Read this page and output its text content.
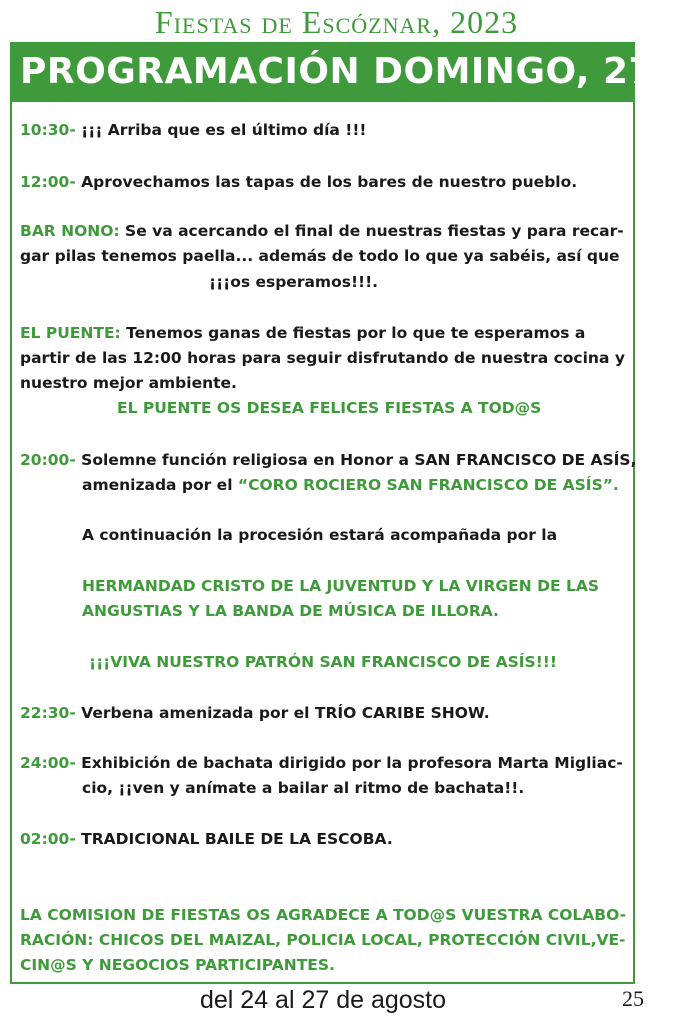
Fiestas de Escóznar, 2023
PROGRAMACIÓN DOMINGO, 27
10:30- ¡¡¡ Arriba que es el último día !!!
12:00- Aprovechamos las tapas de los bares de nuestro pueblo.
BAR NONO: Se va acercando el final de nuestras fiestas y para recar-
gar pilas tenemos paella... además de todo lo que ya sabéis, así que
¡¡¡os esperamos!!!.
EL PUENTE: Tenemos ganas de fiestas por lo que te esperamos a
partir de las 12:00 horas para seguir disfrutando de nuestra cocina y
nuestro mejor ambiente.
EL PUENTE OS DESEA FELICES FIESTAS A TOD@S
20:00- Solemne función religiosa en Honor a SAN FRANCISCO DE ASÍS,
amenizada por el “CORO ROCIERO SAN FRANCISCO DE ASÍS”.
A continuación la procesión estará acompañada por la
HERMANDAD CRISTO DE LA JUVENTUD Y LA VIRGEN DE LAS
ANGUSTIAS Y LA BANDA DE MÚSICA DE ILLORA.
¡¡¡VIVA NUESTRO PATRÓN SAN FRANCISCO DE ASÍS!!!
22:30- Verbena amenizada por el TRÍO CARIBE SHOW.
24:00- Exhibición de bachata dirigido por la profesora Marta Migliac-
cio, ¡¡ven y anímate a bailar al ritmo de bachata!!.
02:00- TRADICIONAL BAILE DE LA ESCOBA.
LA COMISION DE FIESTAS OS AGRADECE A TOD@S VUESTRA COLABO-
RACIÓN: CHICOS DEL MAIZAL, POLICIA LOCAL, PROTECCIÓN CIVIL,VE-
CIN@S Y NEGOCIOS PARTICIPANTES.
del 24 al 27 de agosto	25
